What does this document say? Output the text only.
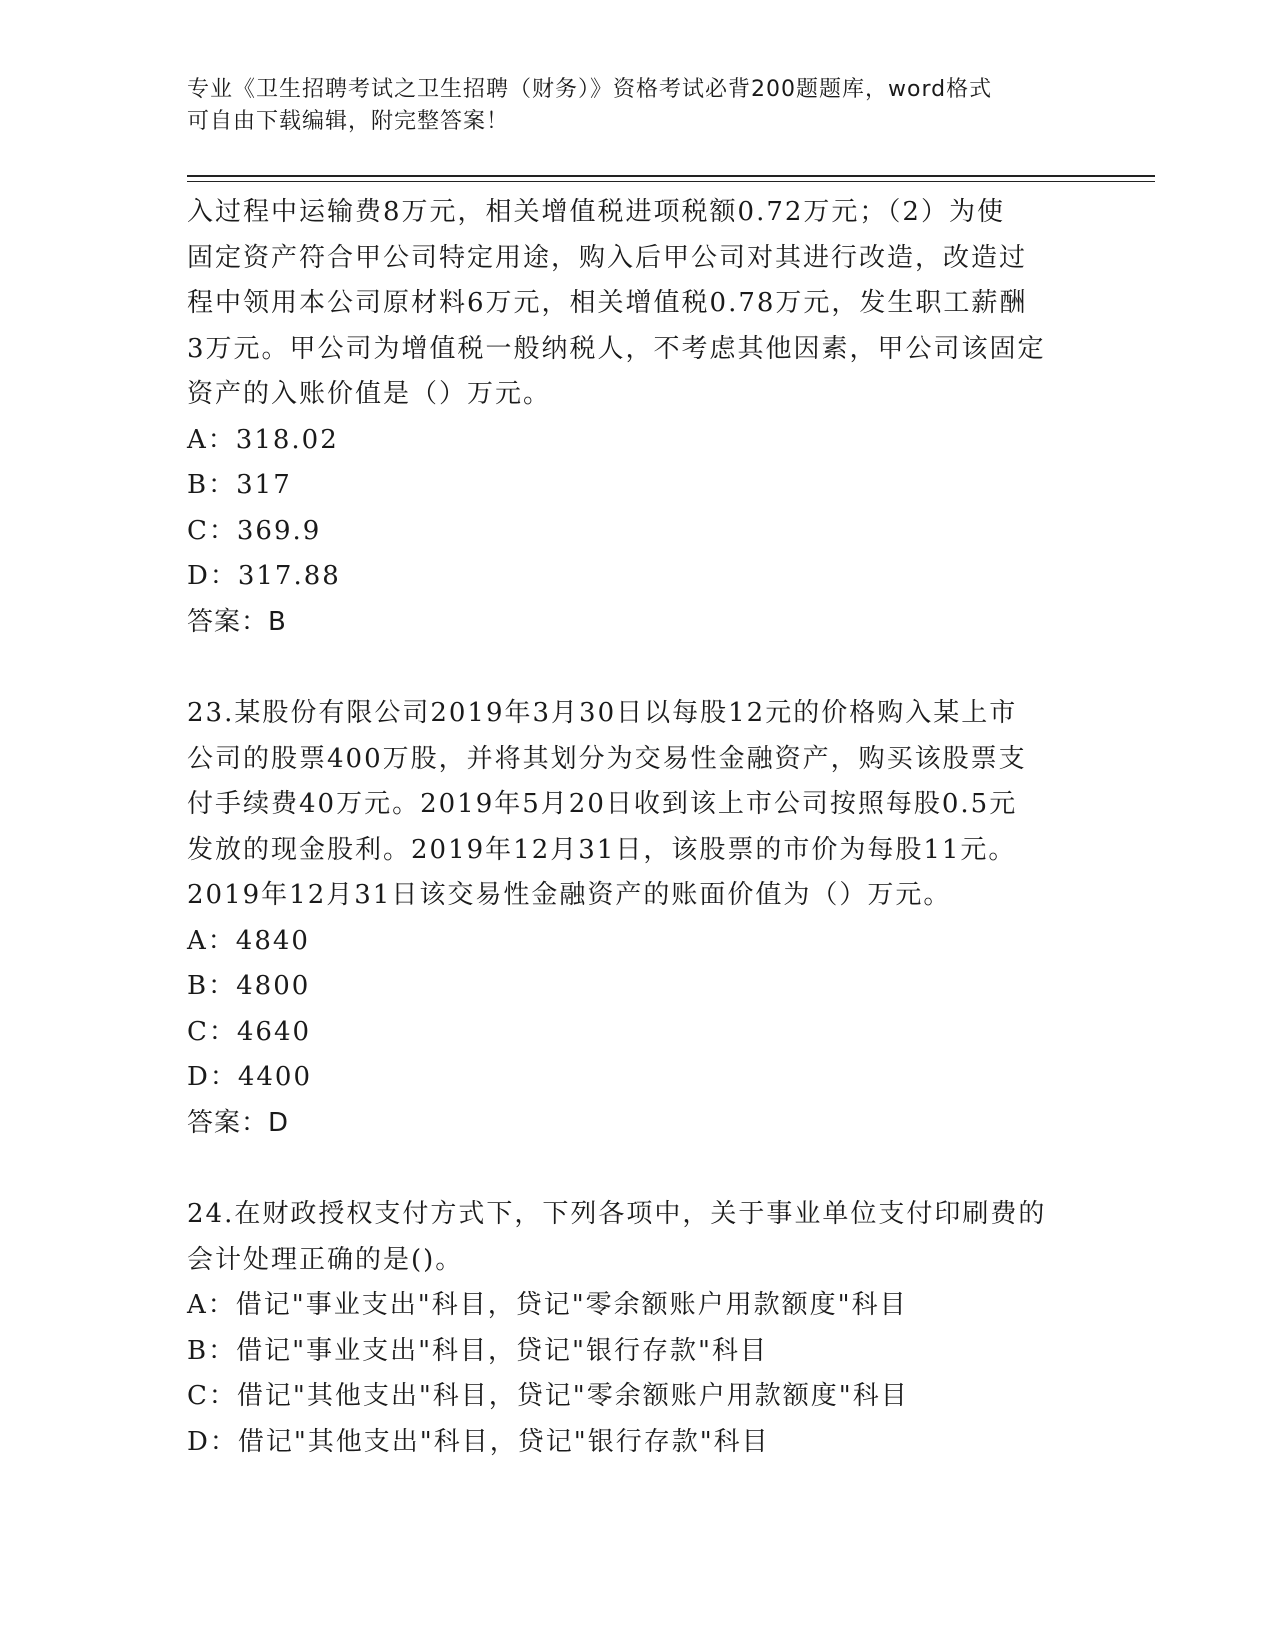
专业《卫生招聘考试之卫生招聘（财务）》资格考试必背200题题库，word格式
可自由下载编辑，附完整答案！
入过程中运输费8万元，相关增值税进项税额0.72万元；（2）为使
固定资产符合甲公司特定用途，购入后甲公司对其进行改造，改造过
程中领用本公司原材料6万元，相关增值税0.78万元，发生职工薪酬
3万元。甲公司为增值税一般纳税人，不考虑其他因素，甲公司该固定
资产的入账价值是（）万元。
A：318.02
B：317
C：369.9
D：317.88
答案：B
23.某股份有限公司2019年3月30日以每股12元的价格购入某上市
公司的股票400万股，并将其划分为交易性金融资产，购买该股票支
付手续费40万元。2019年5月20日收到该上市公司按照每股0.5元
发放的现金股利。2019年12月31日，该股票的市价为每股11元。
2019年12月31日该交易性金融资产的账面价值为（）万元。
A：4840
B：4800
C：4640
D：4400
答案：D
24.在财政授权支付方式下，下列各项中，关于事业单位支付印刷费的
会计处理正确的是()。
A：借记"事业支出"科目，贷记"零余额账户用款额度"科目
B：借记"事业支出"科目，贷记"银行存款"科目
C：借记"其他支出"科目，贷记"零余额账户用款额度"科目
D：借记"其他支出"科目，贷记"银行存款"科目
